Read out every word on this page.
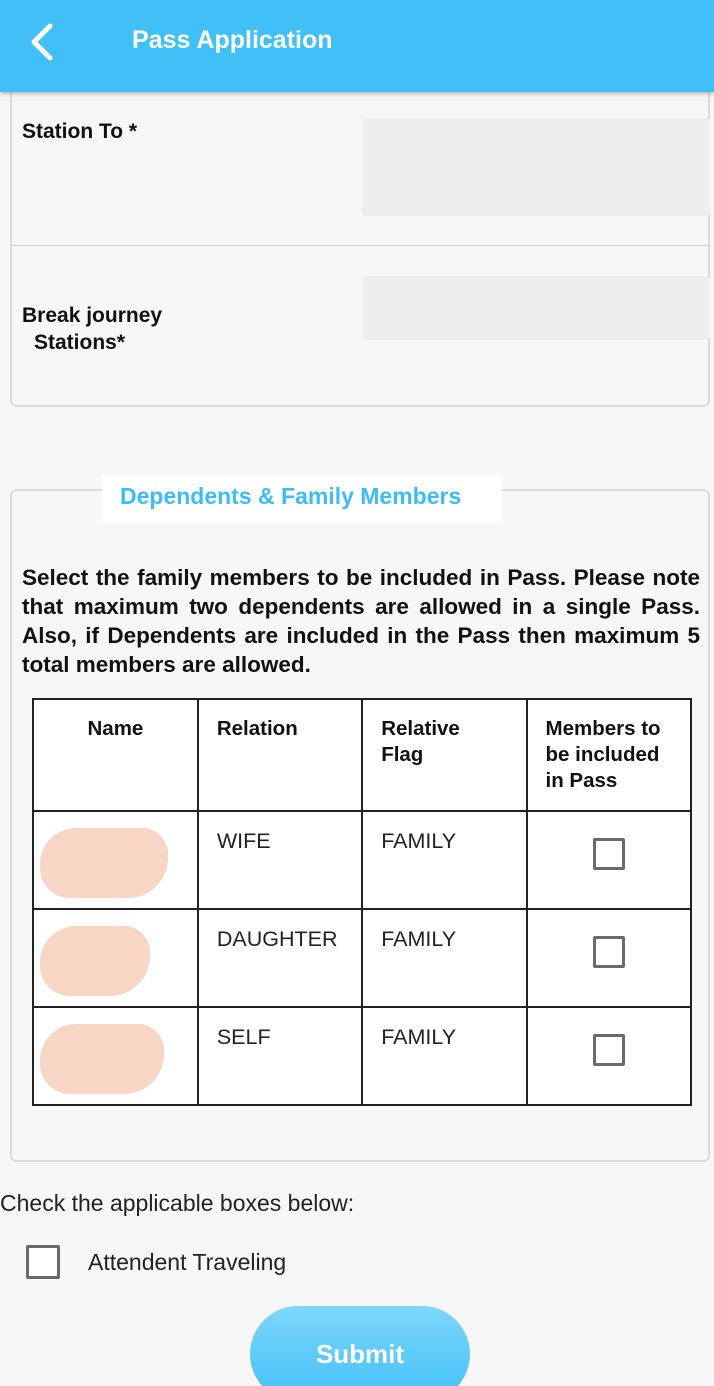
Pass Application
Station To *
Break journey
Stations*
Dependents & Family Members

Select the family members to be included in Pass. Please note that maximum two dependents are allowed in a single Pass. Also, if Dependents are included in the Pass then maximum 5 total members are allowed.

Name	Relation	Relative Flag	Members to be included in Pass

	WIFE	FAMILY	

	DAUGHTER	FAMILY	

	SELF	FAMILY	
Check the applicable boxes below:
Attendent Traveling
Submit
